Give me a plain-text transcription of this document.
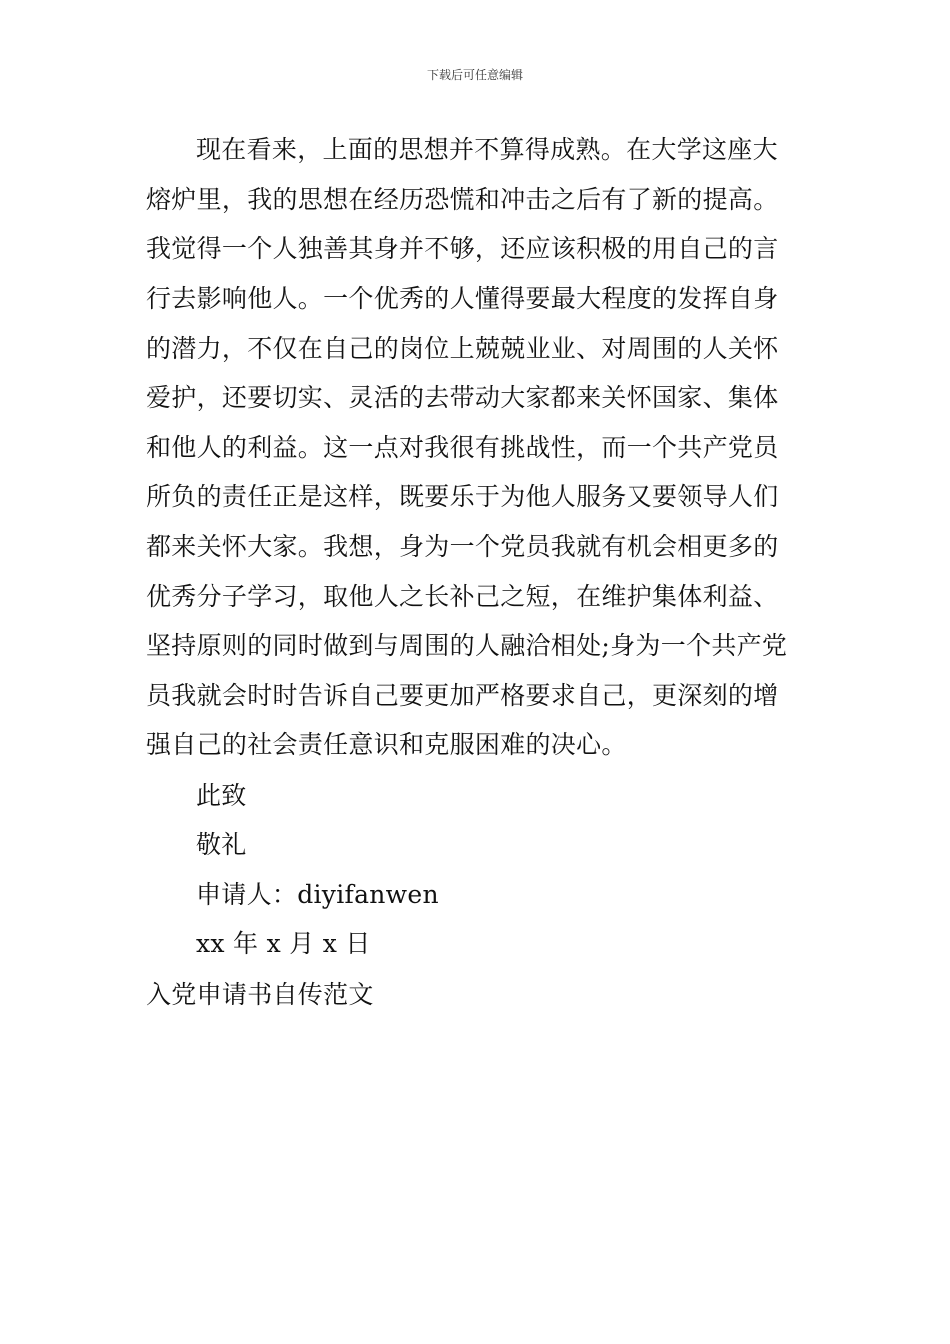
下载后可任意编辑
现在看来，上面的思想并不算得成熟。在大学这座大
熔炉里，我的思想在经历恐慌和冲击之后有了新的提高。
我觉得一个人独善其身并不够，还应该积极的用自己的言
行去影响他人。一个优秀的人懂得要最大程度的发挥自身
的潜力，不仅在自己的岗位上兢兢业业、对周围的人关怀
爱护，还要切实、灵活的去带动大家都来关怀国家、集体
和他人的利益。这一点对我很有挑战性，而一个共产党员
所负的责任正是这样，既要乐于为他人服务又要领导人们
都来关怀大家。我想，身为一个党员我就有机会相更多的
优秀分子学习，取他人之长补己之短，在维护集体利益、
坚持原则的同时做到与周围的人融洽相处;身为一个共产党
员我就会时时告诉自己要更加严格要求自己，更深刻的增
强自己的社会责任意识和克服困难的决心。
此致
敬礼
申请人：diyifanwen
xx 年 x 月 x 日
入党申请书自传范文
